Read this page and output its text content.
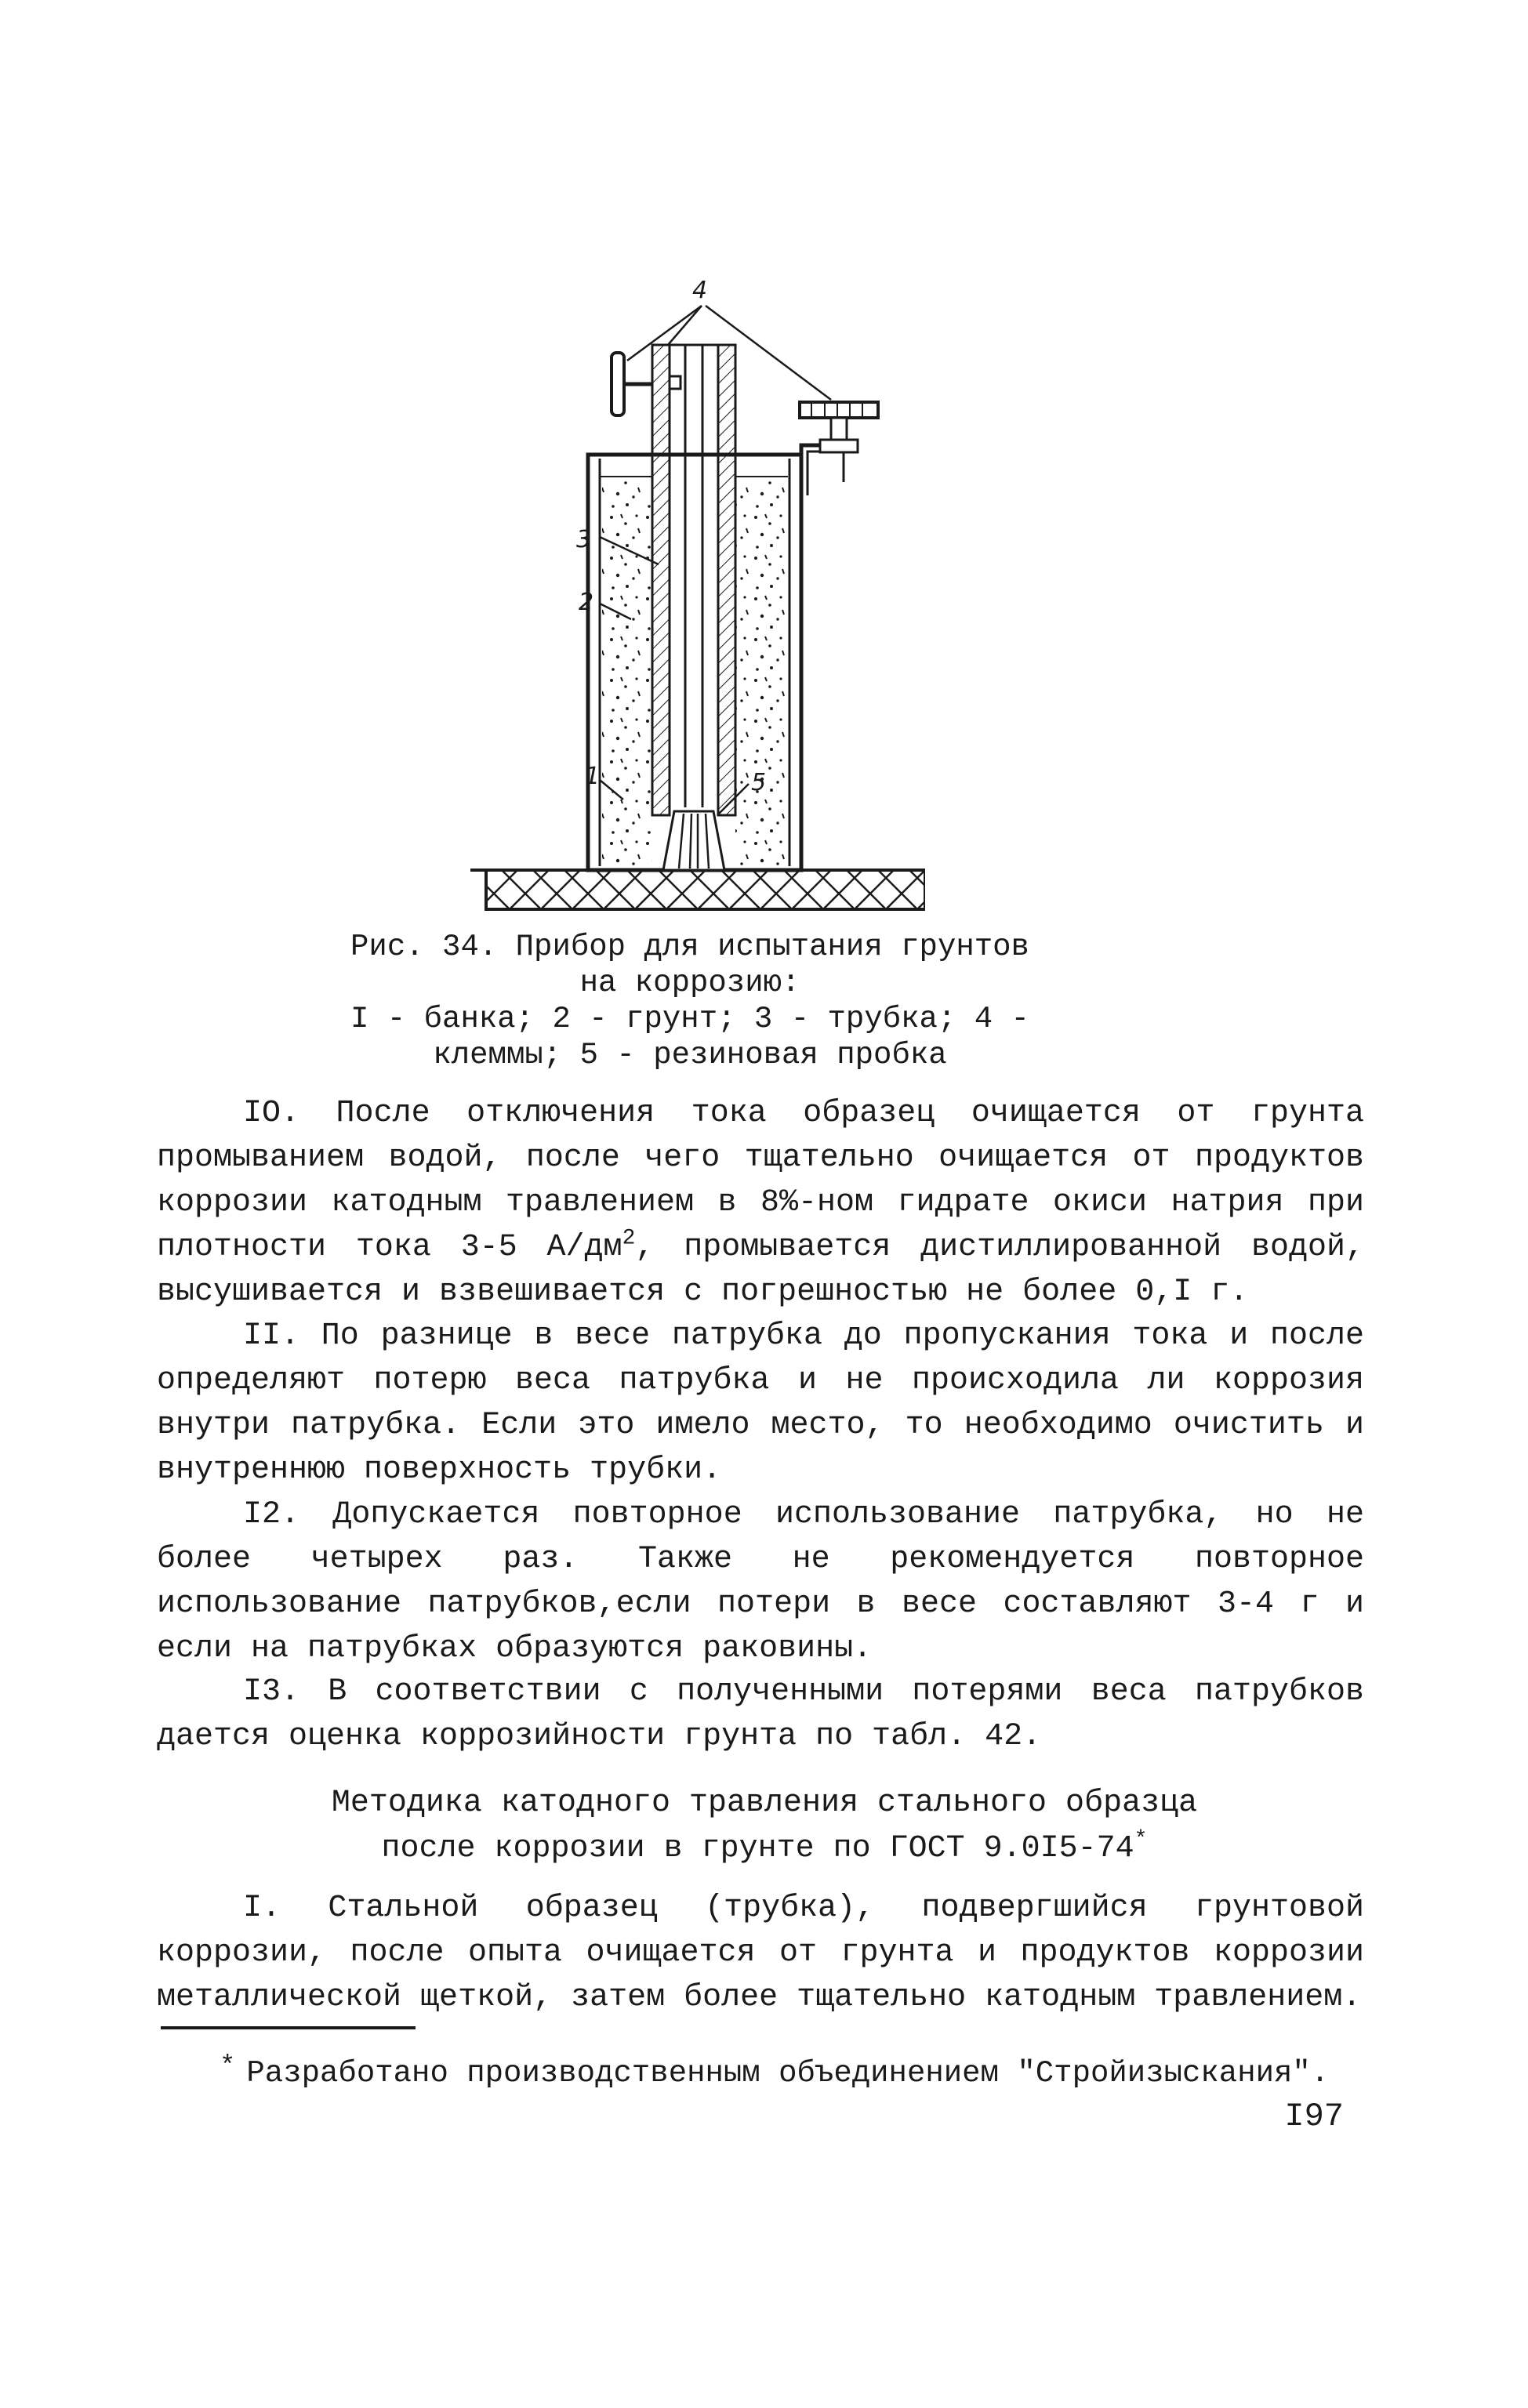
4
3
2
1	5
Рис. 34. Прибор для испытания грунтов
на коррозию:
I - банка; 2 - грунт; 3 - трубка; 4 -
клеммы; 5 - резиновая пробка

IO. После отключения тока образец очищается от грунта промыванием водой, после чего тщательно очищается от продуктов коррозии катодным травлением в 8%-ном гидрате окиси натрия при плотности тока 3-5 $А/дм^2$, промывается дистиллированной водой, высушивается и взвешивается с погрешностью не более 0,I г.

II. По разнице в весе патрубка до пропускания тока и после определяют потерю веса патрубка и не происходила ли коррозия внутри патрубка. Если это имело место, то необходимо очистить и внутреннюю поверхность трубки.

I2. Допускается повторное использование патрубка, но не более четырех раз. Также не рекомендуется повторное использование патрубков,если потери в весе составляют 3-4 г и если на патрубках образуются раковины.

I3. В соответствии с полученными потерями веса патрубков дается оценка коррозийности грунта по табл. 42.

Методика катодного травления стального образца
после коррозии в грунте по ГОСТ 9.0I5-74*

I. Стальной образец (трубка), подвергшийся грунтовой коррозии, после опыта очищается от грунта и продуктов коррозии металлической щеткой, затем более тщательно катодным травлением.

* Разработано производственным объединением "Стройизыскания".
I97
